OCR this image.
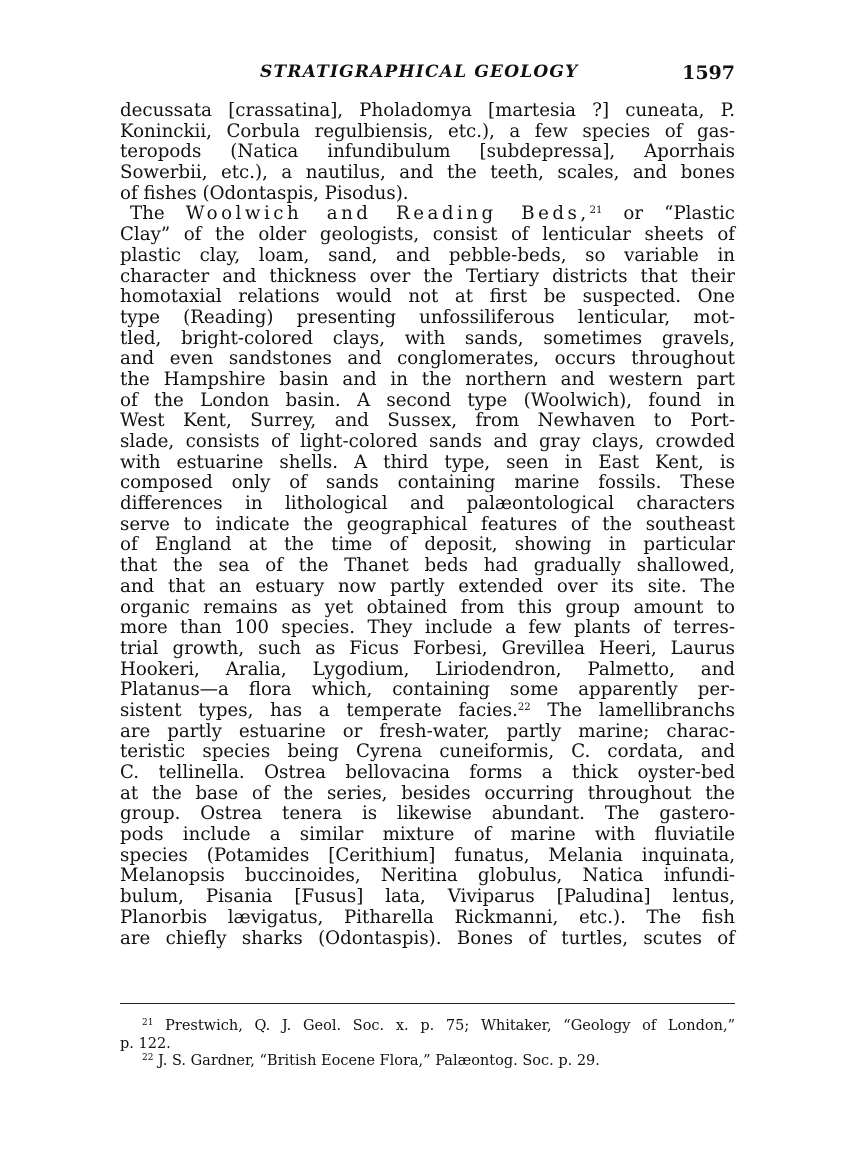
STRATIGRAPHICAL GEOLOGY	1597
decussata [crassatina], Pholadomya [martesia ?] cuneata, P.
Koninckii, Corbula regulbiensis, etc.), a few species of gas-
teropods (Natica infundibulum [subdepressa], Aporrhais
Sowerbii, etc.), a nautilus, and the teeth, scales, and bones
of fishes (Odontaspis, Pisodus).
The Woolwich and Reading Beds,$^{21}$ or “Plastic
Clay” of the older geologists, consist of lenticular sheets of
plastic clay, loam, sand, and pebble-beds, so variable in
character and thickness over the Tertiary districts that their
homotaxial relations would not at first be suspected. One
type (Reading) presenting unfossiliferous lenticular, mot-
tled, bright-colored clays, with sands, sometimes gravels,
and even sandstones and conglomerates, occurs throughout
the Hampshire basin and in the northern and western part
of the London basin. A second type (Woolwich), found in
West Kent, Surrey, and Sussex, from Newhaven to Port-
slade, consists of light-colored sands and gray clays, crowded
with estuarine shells. A third type, seen in East Kent, is
composed only of sands containing marine fossils. These
differences in lithological and palæontological characters
serve to indicate the geographical features of the southeast
of England at the time of deposit, showing in particular
that the sea of the Thanet beds had gradually shallowed,
and that an estuary now partly extended over its site. The
organic remains as yet obtained from this group amount to
more than 100 species. They include a few plants of terres-
trial growth, such as Ficus Forbesi, Grevillea Heeri, Laurus
Hookeri, Aralia, Lygodium, Liriodendron, Palmetto, and
Platanus—a flora which, containing some apparently per-
sistent types, has a temperate facies.$^{22}$ The lamellibranchs
are partly estuarine or fresh-water, partly marine; charac-
teristic species being Cyrena cuneiformis, C. cordata, and
C. tellinella. Ostrea bellovacina forms a thick oyster-bed
at the base of the series, besides occurring throughout the
group. Ostrea tenera is likewise abundant. The gastero-
pods include a similar mixture of marine with fluviatile
species (Potamides [Cerithium] funatus, Melania inquinata,
Melanopsis buccinoides, Neritina globulus, Natica infundi-
bulum, Pisania [Fusus] lata, Viviparus [Paludina] lentus,
Planorbis lævigatus, Pitharella Rickmanni, etc.). The fish
are chiefly sharks (Odontaspis). Bones of turtles, scutes of
$^{21}$ Prestwich, Q. J. Geol. Soc. x. p. 75; Whitaker, “Geology of London,”
p. 122.
$^{22}$ J. S. Gardner, “British Eocene Flora,” Palæontog. Soc. p. 29.
